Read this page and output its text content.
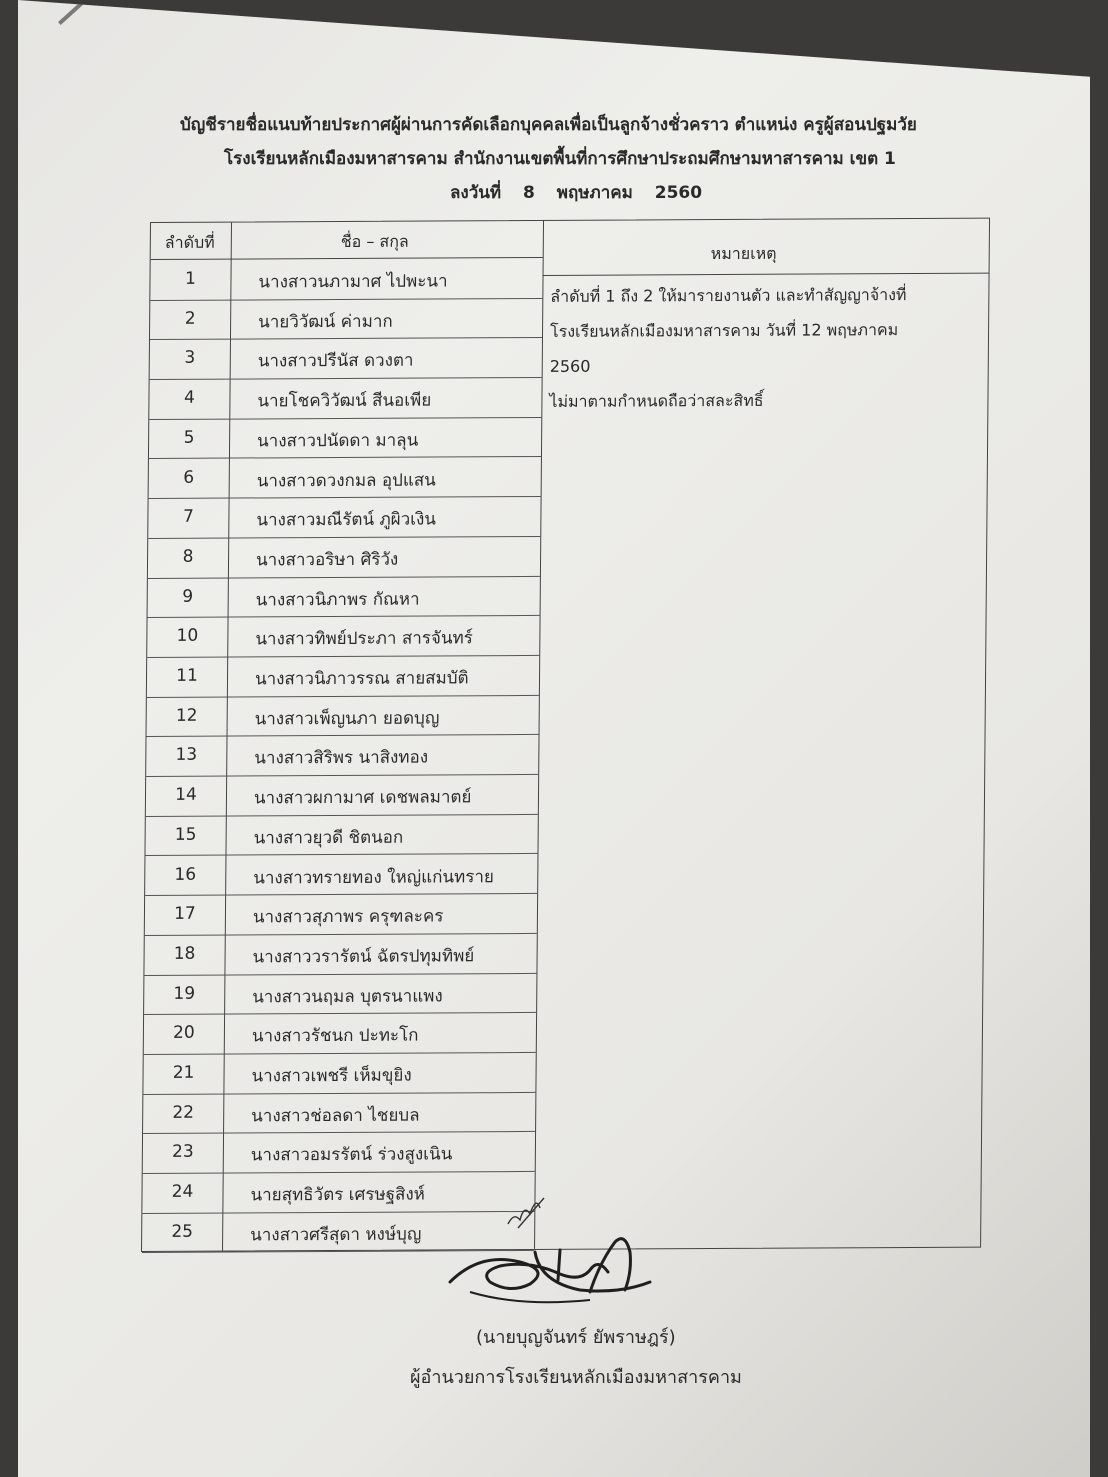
บัญชีรายชื่อแนบท้ายประกาศผู้ผ่านการคัดเลือกบุคคลเพื่อเป็นลูกจ้างชั่วคราว ตำแหน่ง ครูผู้สอนปฐมวัย
โรงเรียนหลักเมืองมหาสารคาม สำนักงานเขตพื้นที่การศึกษาประถมศึกษามหาสารคาม เขต 1
ลงวันที่ 8 พฤษภาคม 2560
ลำดับที่	ชื่อ – สกุล
หมายเหตุ
1	นางสาวนภามาศ ไปพะนา
2	นายวิวัฒน์ ค่ามาก
3	นางสาวปรีนัส ดวงตา
4	นายโชควิวัฒน์ สีนอเพีย
5	นางสาวปนัดดา มาลุน
6	นางสาวดวงกมล อุปแสน
7	นางสาวมณีรัตน์ ภูผิวเงิน
8	นางสาวอริษา ศิริวัง
9	นางสาวนิภาพร กัณหา
10	นางสาวทิพย์ประภา สารจันทร์
11	นางสาวนิภาวรรณ สายสมบัติ
12	นางสาวเพ็ญนภา ยอดบุญ
13	นางสาวสิริพร นาสิงทอง
14	นางสาวผกามาศ เดชพลมาตย์
15	นางสาวยุวดี ชิตนอก
16	นางสาวทรายทอง ใหญ่แก่นทราย
17	นางสาวสุภาพร ครุฑละคร
18	นางสาววรารัตน์ ฉัตรปทุมทิพย์
19	นางสาวนฤมล บุตรนาแพง
20	นางสาวรัชนก ปะทะโก
21	นางสาวเพชรี เห็มขุยิง
22	นางสาวช่อลดา ไชยบล
23	นางสาวอมรรัตน์ ร่วงสูงเนิน
24	นายสุทธิวัตร เศรษฐสิงห์
25	นางสาวศรีสุดา หงษ์บุญ
ลำดับที่ 1 ถึง 2 ให้มารายงานตัว และทำสัญญาจ้างที่
โรงเรียนหลักเมืองมหาสารคาม วันที่ 12 พฤษภาคม
2560
ไม่มาตามกำหนดถือว่าสละสิทธิ์
(นายบุญจันทร์ ยัพราษฎร์)
ผู้อำนวยการโรงเรียนหลักเมืองมหาสารคาม
